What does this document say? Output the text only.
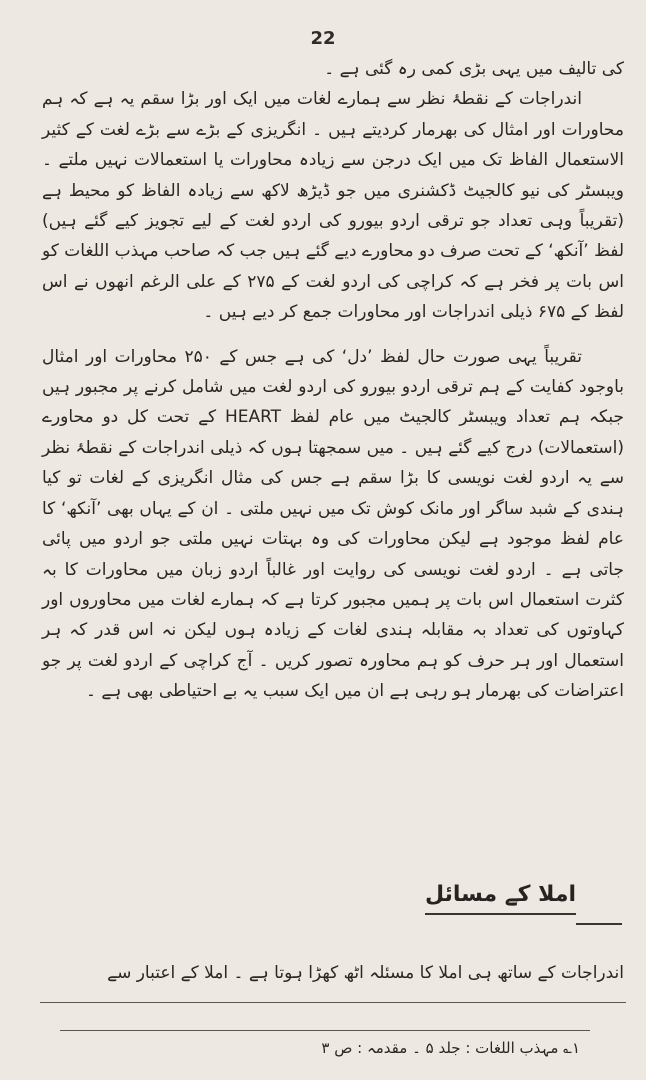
22

کی تالیف میں یہی بڑی کمی رہ گئی ہے ۔

اندراجات کے نقطۂ نظر سے ہمارے لغات میں ایک اور بڑا سقم یہ ہے کہ ہم محاورات اور امثال کی بھرمار کردیتے ہیں ۔ انگریزی کے بڑے سے بڑے لغت کے کثیر الاستعمال الفاظ تک میں ایک درجن سے زیادہ محاورات یا استعمالات نہیں ملتے ۔ ویبسٹر کی نیو کالجیٹ ڈکشنری میں جو ڈیڑھ لاکھ سے زیادہ الفاظ کو محیط ہے (تقریباً وہی تعداد جو ترقی اردو بیورو کی اردو لغت کے لیے تجویز کیے گئے ہیں) لفظ ’آنکھ‘ کے تحت صرف دو محاورے دیے گئے ہیں جب کہ صاحب مہذب اللغات کو اس بات پر فخر ہے کہ کراچی کی اردو لغت کے ۲۷۵ کے علی الرغم انھوں نے اس لفظ کے ۶۷۵ ذیلی اندراجات اور محاورات جمع کر دیے ہیں ۔

تقریباً یہی صورت حال لفظ ’دل‘ کی ہے جس کے ۲۵۰ محاورات اور امثال باوجود کفایت کے ہم ترقی اردو بیورو کی اردو لغت میں شامل کرنے پر مجبور ہیں جبکہ ہم تعداد ویبسٹر کالجیٹ میں عام لفظ HEART کے تحت کل دو محاورے (استعمالات) درج کیے گئے ہیں ۔ میں سمجھتا ہوں کہ ذیلی اندراجات کے نقطۂ نظر سے یہ اردو لغت نویسی کا بڑا سقم ہے جس کی مثال انگریزی کے لغات تو کیا ہندی کے شبد ساگر اور مانک کوش تک میں نہیں ملتی ۔ ان کے یہاں بھی ’آنکھ‘ کا عام لفظ موجود ہے لیکن محاورات کی وہ بہتات نہیں ملتی جو اردو میں پائی جاتی ہے ۔ اردو لغت نویسی کی روایت اور غالباً اردو زبان میں محاورات کا بہ کثرت استعمال اس بات پر ہمیں مجبور کرتا ہے کہ ہمارے لغات میں محاوروں اور کہاوتوں کی تعداد بہ مقابلہ ہندی لغات کے زیادہ ہوں لیکن نہ اس قدر کہ ہر استعمال اور ہر حرف کو ہم محاورہ تصور کریں ۔ آج کراچی کے اردو لغت پر جو اعتراضات کی بھرمار ہو رہی ہے ان میں ایک سبب یہ بے احتیاطی بھی ہے ۔

املا کے مسائل
اندراجات کے ساتھ ہی املا کا مسئلہ اٹھ کھڑا ہوتا ہے ۔ املا کے اعتبار سے
۱؎ مہذب اللغات : جلد ۵ ۔ مقدمہ : ص ۳
